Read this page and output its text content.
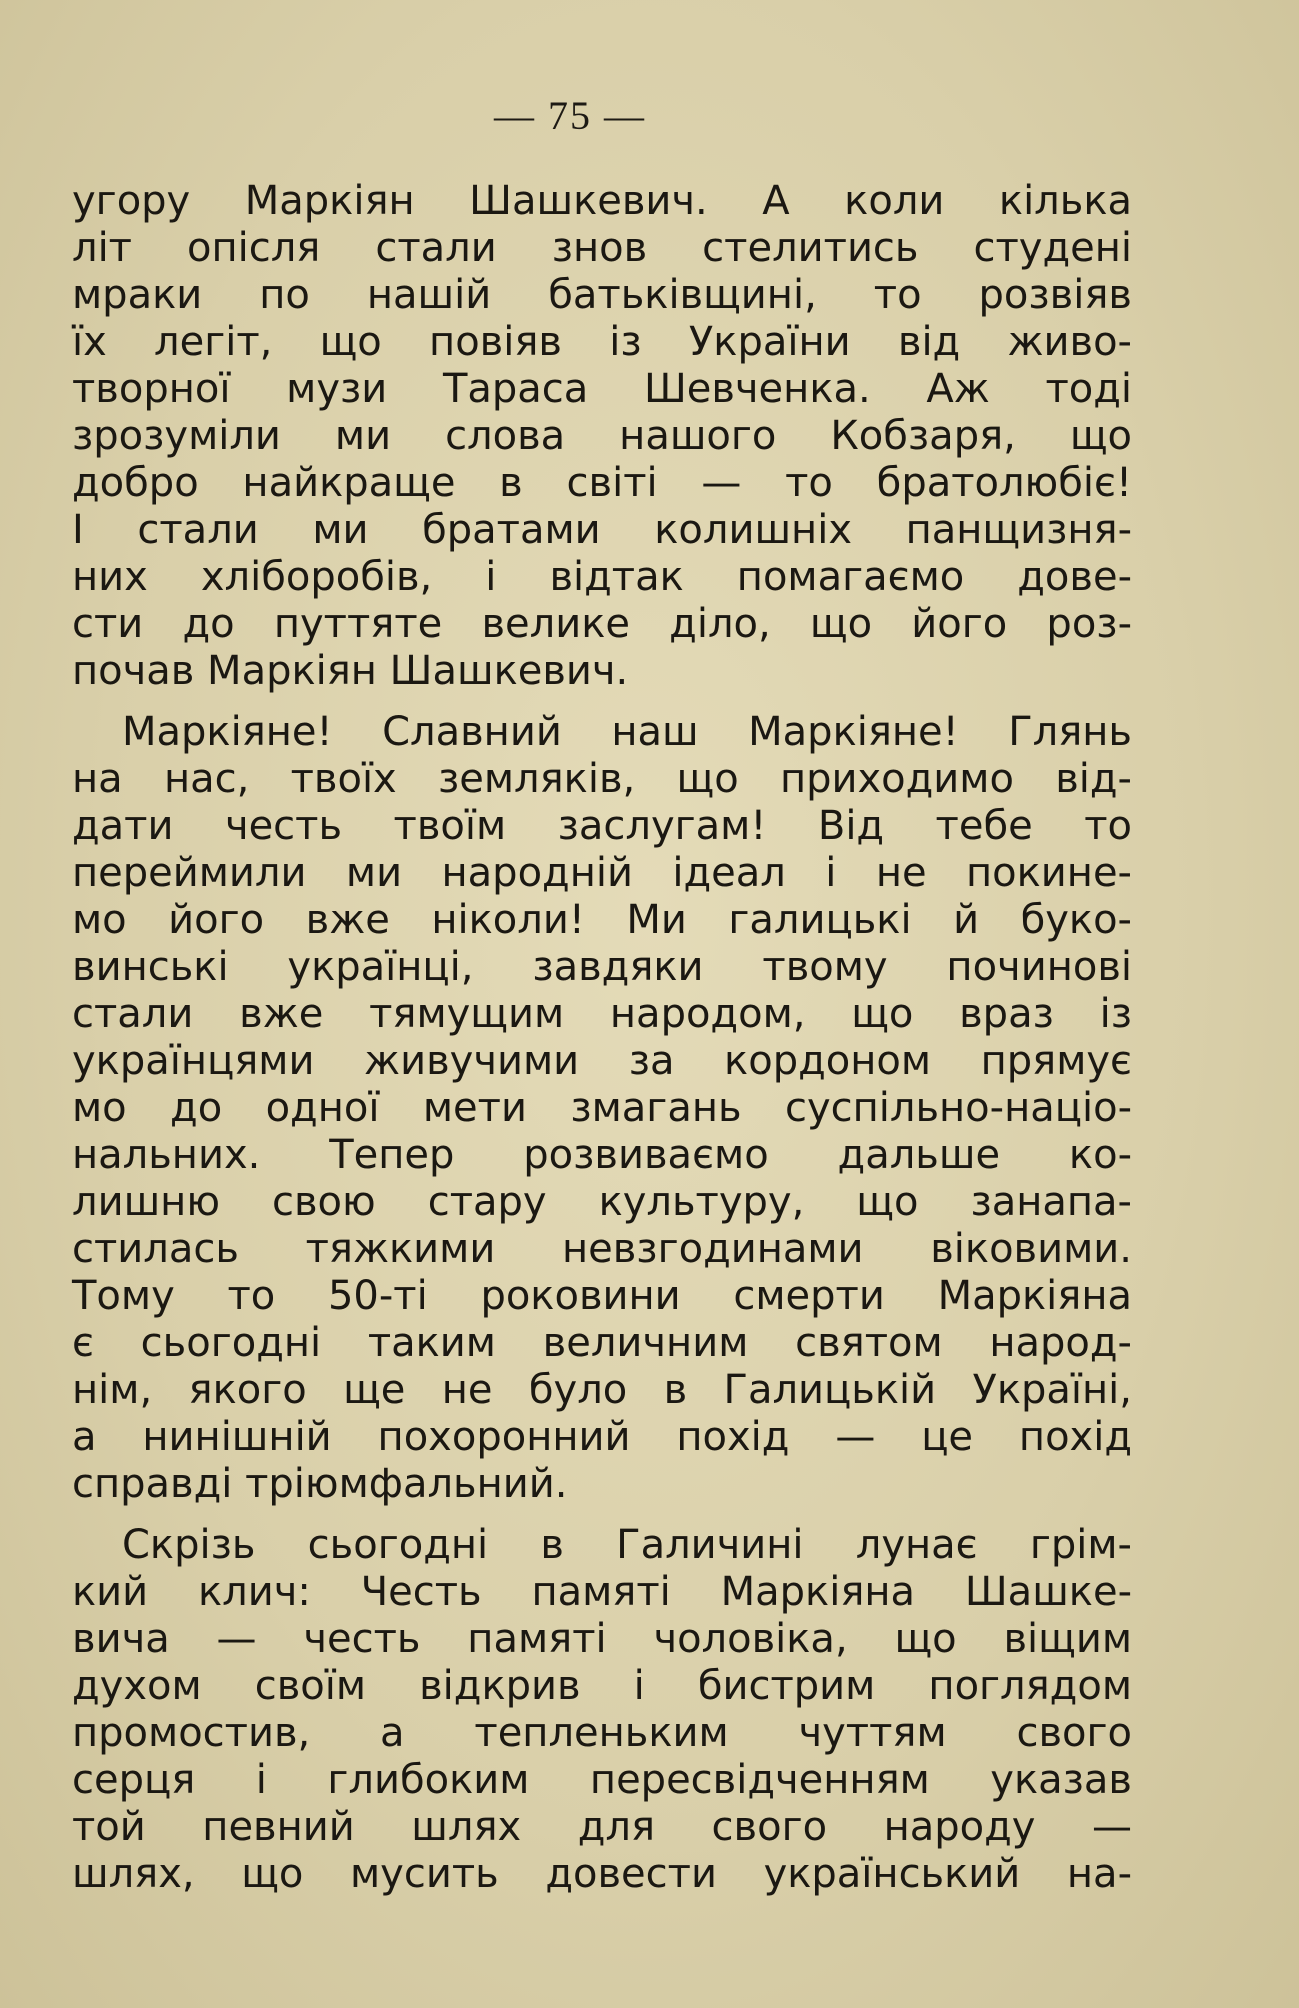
— 75 —
угору Маркіян Шашкевич. А коли кілька
літ опісля стали знов стелитись студені
мраки по нашій батьківщині, то розвіяв
їх легіт, що повіяв із України від живо-
творної музи Тараса Шевченка. Аж тоді
зрозуміли ми слова нашого Кобзаря, що
добро найкраще в світі — то братолюбіє!
І стали ми братами колишніх панщизня-
них хліборобів, і відтак помагаємо дове-
сти до путтяте велике діло, що його роз-
почав Маркіян Шашкевич.
Маркіяне! Славний наш Маркіяне! Глянь
на нас, твоїх земляків, що приходимо від-
дати честь твоїм заслугам! Від тебе то
переймили ми народній ідеал і не покине-
мо його вже ніколи! Ми галицькі й буко-
винські українці, завдяки твому починові
стали вже тямущим народом, що враз із
українцями живучими за кордоном прямує
мо до одної мети змагань суспільно-націо-
нальних. Тепер розвиваємо дальше ко-
лишню свою стару культуру, що занапа-
стилась тяжкими невзгодинами віковими.
Тому то 50-ті роковини смерти Маркіяна
є сьогодні таким величним святом народ-
нім, якого ще не було в Галицькій Україні,
а нинішній похоронний похід — це похід
справді тріюмфальний.
Скрізь сьогодні в Галичині лунає грім-
кий клич: Честь памяті Маркіяна Шашке-
вича — честь памяті чоловіка, що віщим
духом своїм відкрив і бистрим поглядом
промостив, а тепленьким чуттям свого
серця і глибоким пересвідченням указав
той певний шлях для свого народу —
шлях, що мусить довести український на-
